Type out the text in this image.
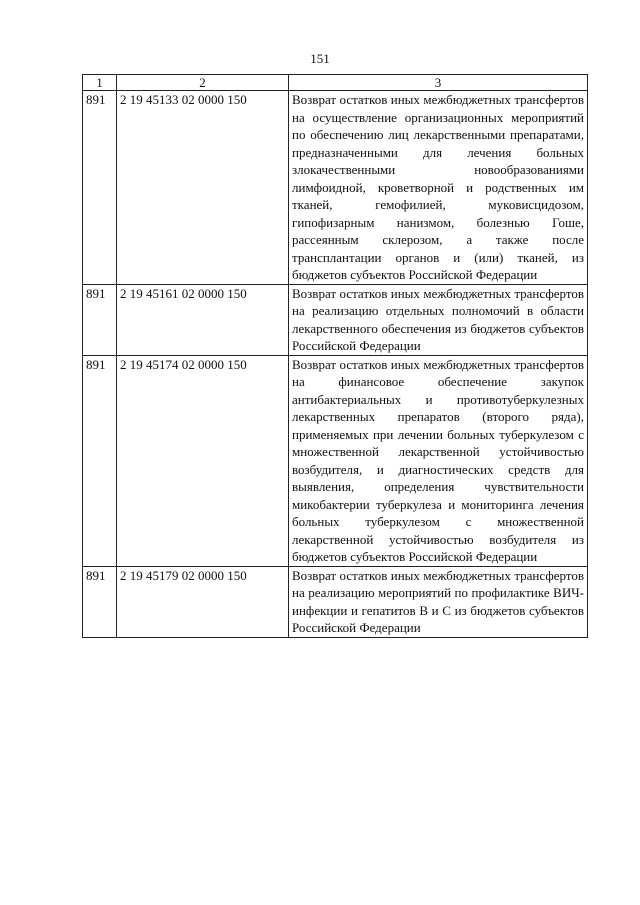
151
1	2	3
891	2 19 45133 02 0000 150	Возврат остатков иных межбюджетных трансфертов на осуществление организационных мероприятий по обеспечению лиц лекарственными препаратами, предназначенными для лечения больных злокачественными новообразованиями лимфоидной, кроветворной и родственных им тканей, гемофилией, муковисцидозом, гипофизарным нанизмом, болезнью Гоше, рассеянным склерозом, а также после трансплантации органов и (или) тканей, из бюджетов субъектов Российской Федерации
891	2 19 45161 02 0000 150	Возврат остатков иных межбюджетных трансфертов на реализацию отдельных полномочий в области лекарственного обеспечения из бюджетов субъектов Российской Федерации
891	2 19 45174 02 0000 150	Возврат остатков иных межбюджетных трансфертов на финансовое обеспечение закупок антибактериальных и противотуберкулезных лекарственных препаратов (второго ряда), применяемых при лечении больных туберкулезом с множественной лекарственной устойчивостью возбудителя, и диагностических средств для выявления, определения чувствительности микобактерии туберкулеза и мониторинга лечения больных туберкулезом с множественной лекарственной устойчивостью возбудителя из бюджетов субъектов Российской Федерации
891	2 19 45179 02 0000 150	Возврат остатков иных межбюджетных трансфертов на реализацию мероприятий по профилактике ВИЧ-инфекции и гепатитов В и С из бюджетов субъектов Российской Федерации
